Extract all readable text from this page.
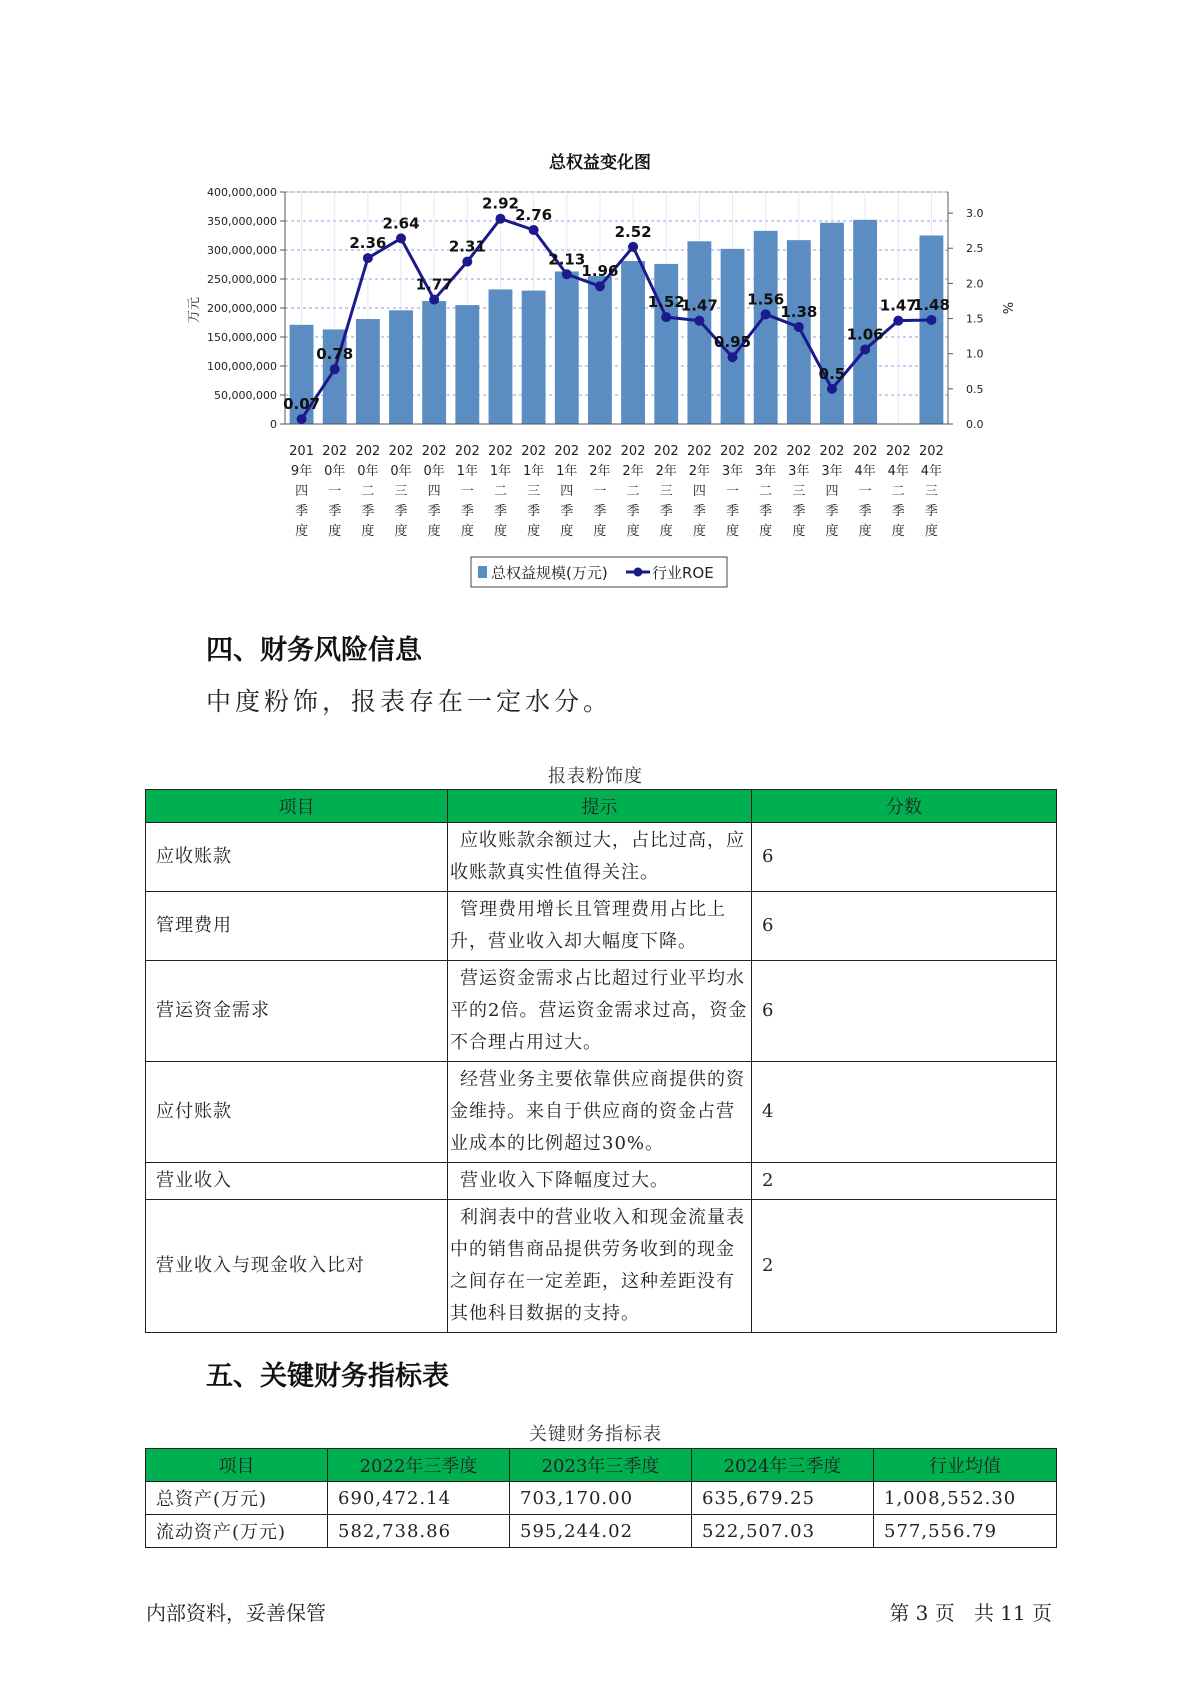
总权益变化图
0
50,000,000
100,000,000
150,000,000
200,000,000
250,000,000
300,000,000
350,000,000
400,000,000
0.0
0.5
1.0
1.5
2.0
2.5
3.0
0.07
0.78
2.36
2.64
1.77
2.31
2.92
2.76
2.13
1.96
2.52
1.52
1.47
0.95
1.56
1.38
0.5
1.06
1.47
1.48
201 9年四季度
202 0年一季度
202 0年二季度
202 0年三季度
202 0年四季度
202 1年一季度
202 1年二季度
202 1年三季度
202 1年四季度
202 2年一季度
202 2年二季度
202 2年三季度
202 2年四季度
202 3年一季度
202 3年二季度
202 3年三季度
202 3年四季度
202 4年一季度
202 4年二季度
202 4年三季度
万元	%
总权益规模(万元)	行业ROE
四、财务风险信息

中度粉饰，报表存在一定水分。

报表粉饰度

项目	提示	分数
应收账款	应收账款余额过大，占比过高，应收账款真实性值得关注。	6
管理费用	管理费用增长且管理费用占比上升，营业收入却大幅度下降。	6
营运资金需求	营运资金需求占比超过行业平均水平的2倍。营运资金需求过高，资金不合理占用过大。	6
应付账款	经营业务主要依靠供应商提供的资金维持。来自于供应商的资金占营业成本的比例超过30%。	4
营业收入	营业收入下降幅度过大。	2
营业收入与现金收入比对	利润表中的营业收入和现金流量表中的销售商品提供劳务收到的现金之间存在一定差距，这种差距没有其他科目数据的支持。	2
五、关键财务指标表

关键财务指标表

项目	2022年三季度	2023年三季度	2024年三季度	行业均值
总资产(万元)	690,472.14	703,170.00	635,679.25	1,008,552.30
流动资产(万元)	582,738.86	595,244.02	522,507.03	577,556.79

内部资料，妥善保管	第 3 页   共 11 页
